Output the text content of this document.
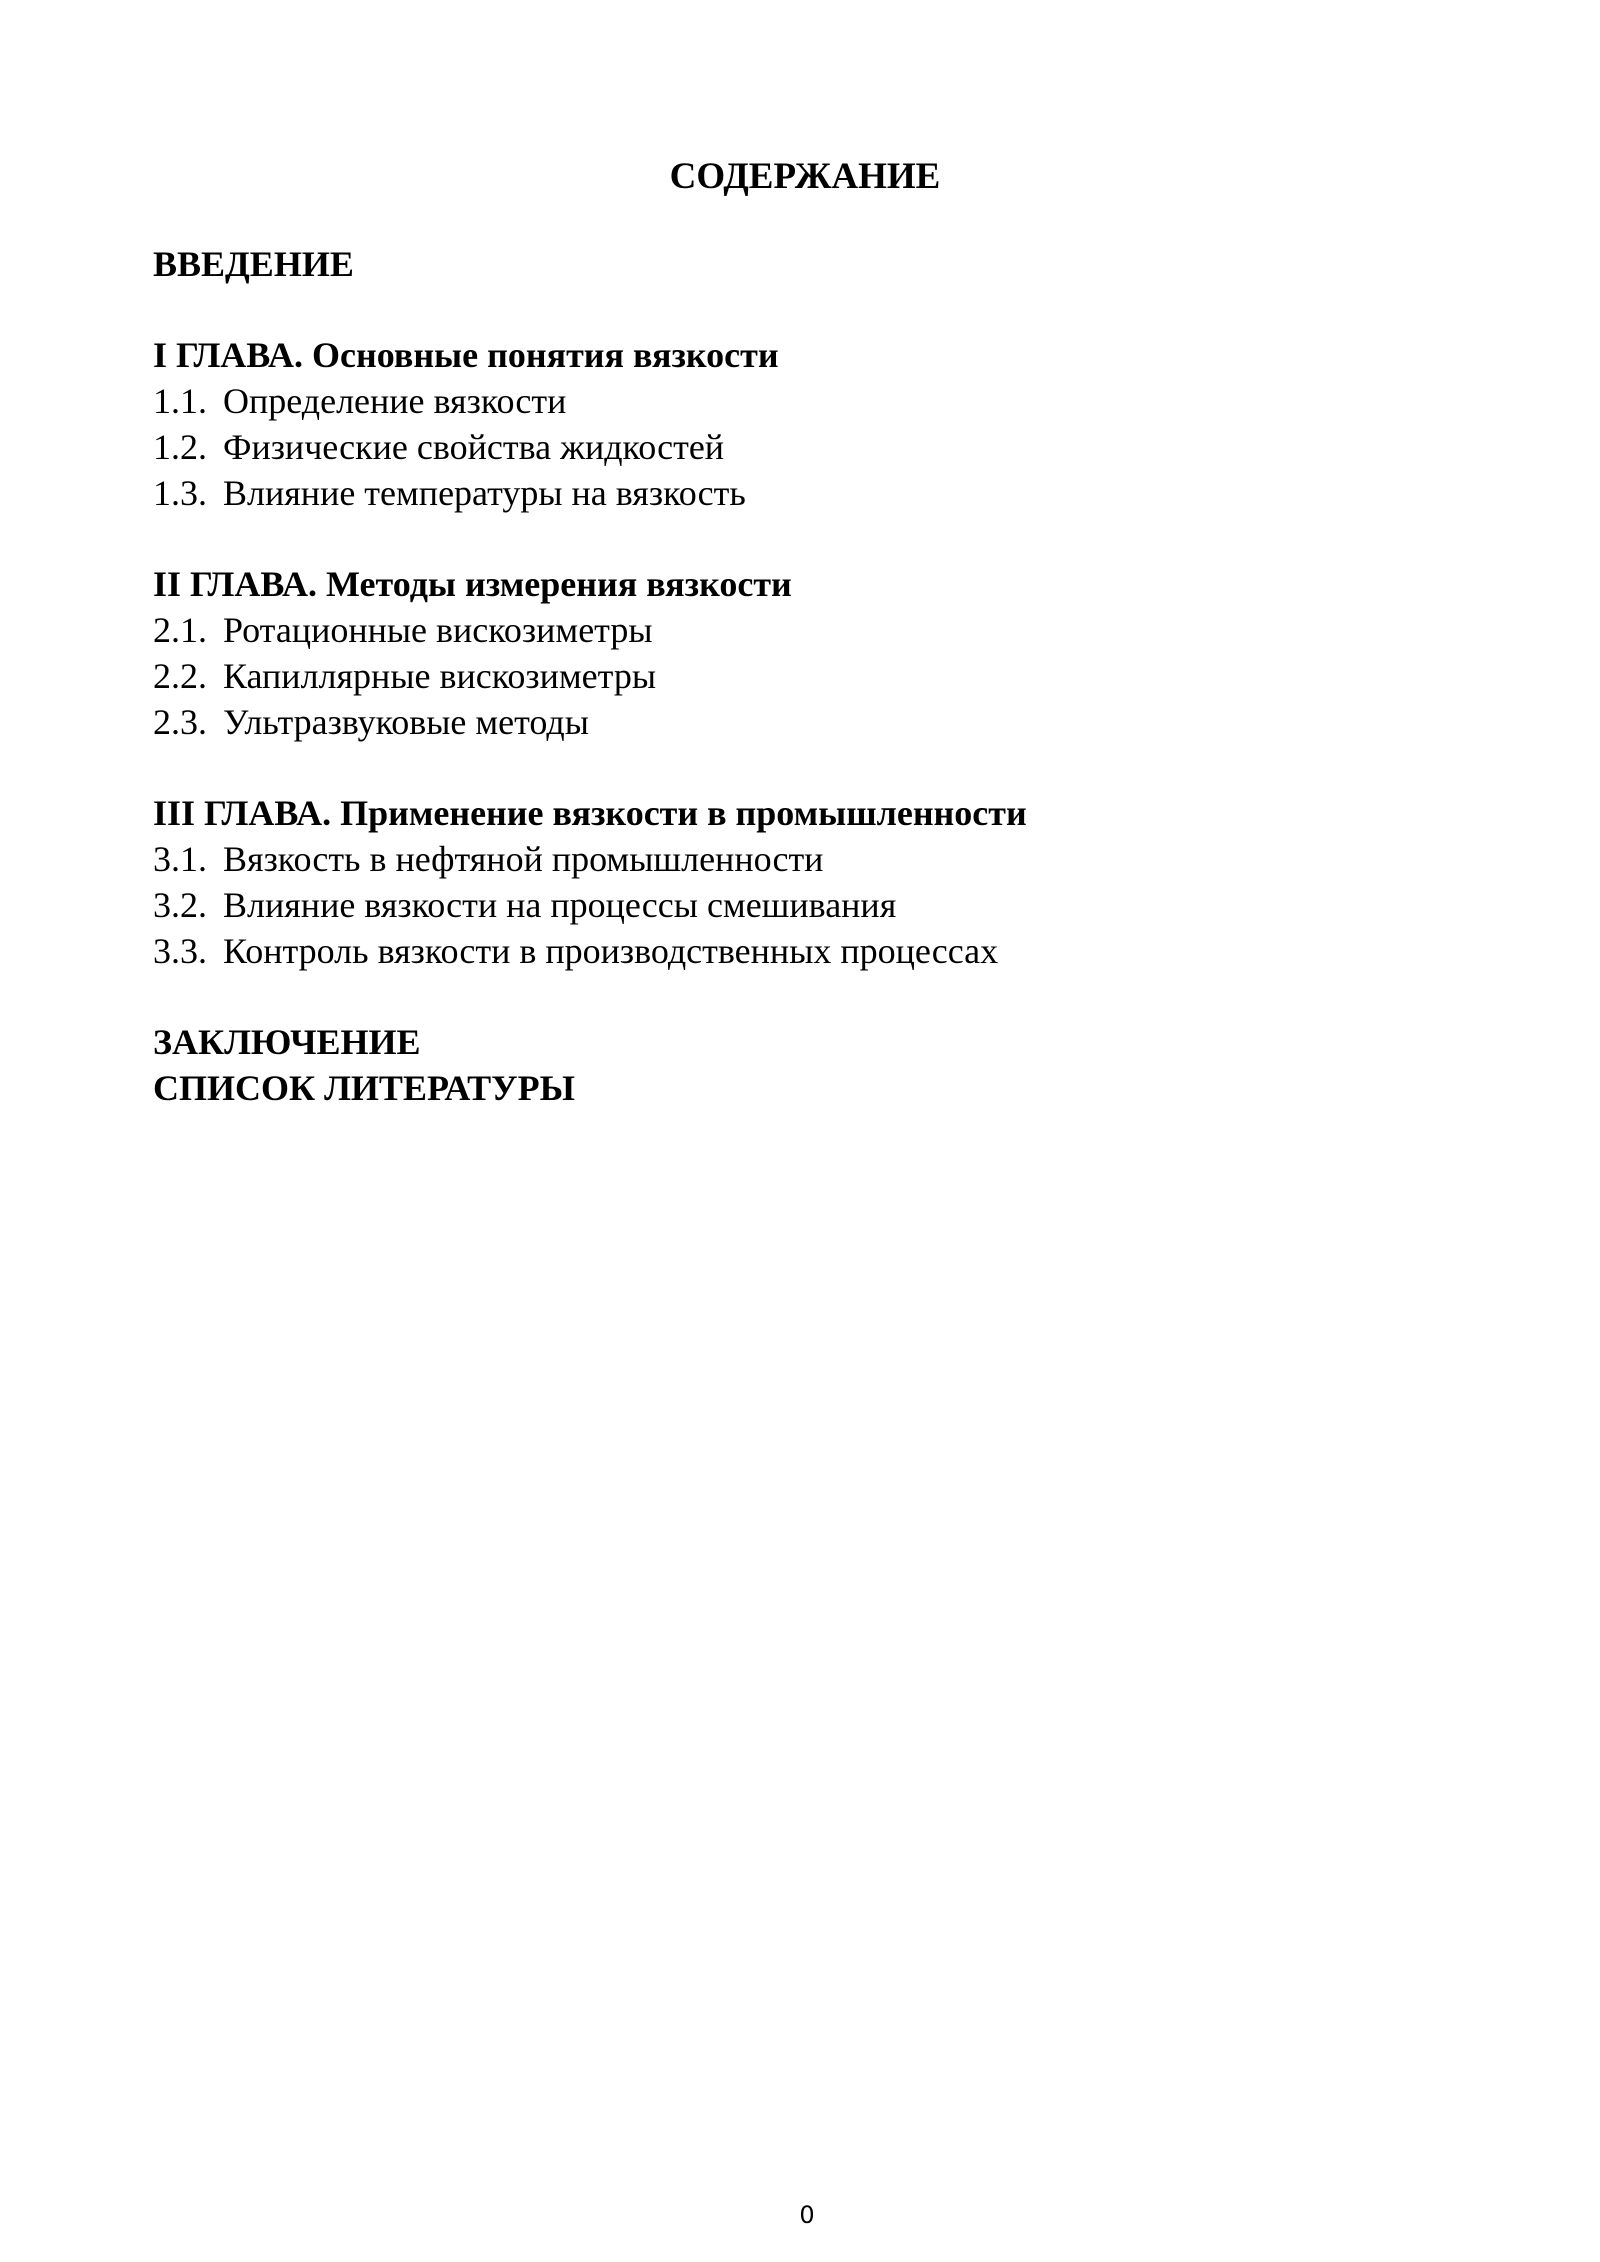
СОДЕРЖАНИЕ
ВВЕДЕНИЕ
I ГЛАВА. Основные понятия вязкости
1.1. Определение вязкости
1.2. Физические свойства жидкостей
1.3. Влияние температуры на вязкость
II ГЛАВА. Методы измерения вязкости
2.1. Ротационные вискозиметры
2.2. Капиллярные вискозиметры
2.3. Ультразвуковые методы
III ГЛАВА. Применение вязкости в промышленности
3.1. Вязкость в нефтяной промышленности
3.2. Влияние вязкости на процессы смешивания
3.3. Контроль вязкости в производственных процессах
ЗАКЛЮЧЕНИЕ
СПИСОК ЛИТЕРАТУРЫ
0
